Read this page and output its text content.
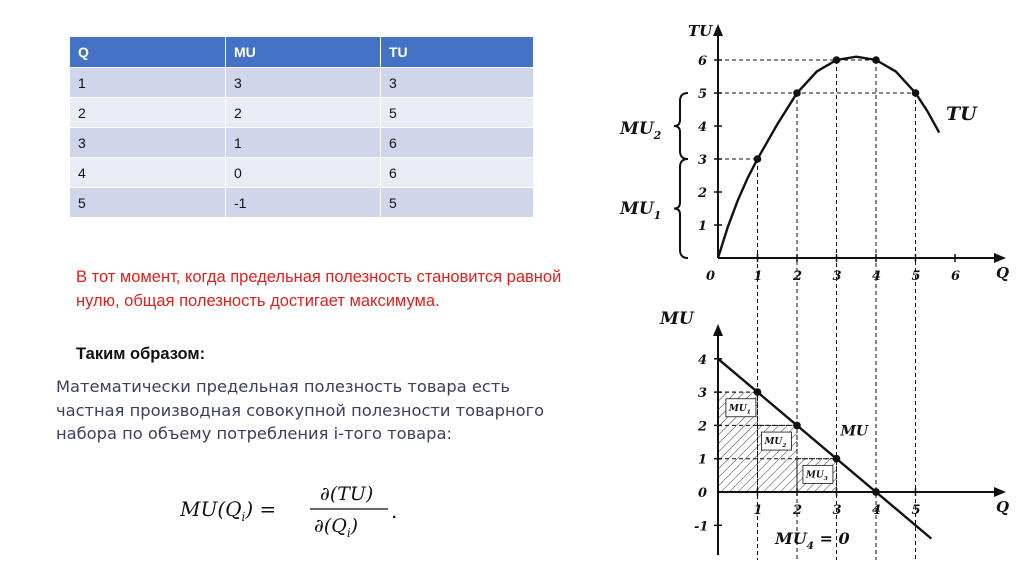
Q	MU	TU
1	3	3
2	2	5
3	1	6
4	0	6
5	-1	5
В тот момент, когда предельная полезность становится равной нулю, общая полезность достигает максимума.
Таким образом:
Математически предельная полезность товара есть частная производная совокупной полезности товарного набора по объему потребления i-того товара:
$MU(Q_i)$ =
∂(TU)
$\partial(Q_i)$
.
TU
Q
0	1 2 3 4 5 6
1
2
3
4
5
6
TU
$MU_2$
$MU_1$
MU
Q
$MU_1$
$MU_2$
$MU_3$
4
3
2
1
0
-1
1 2 3 4 5
MU
$MU_4 = 0$
